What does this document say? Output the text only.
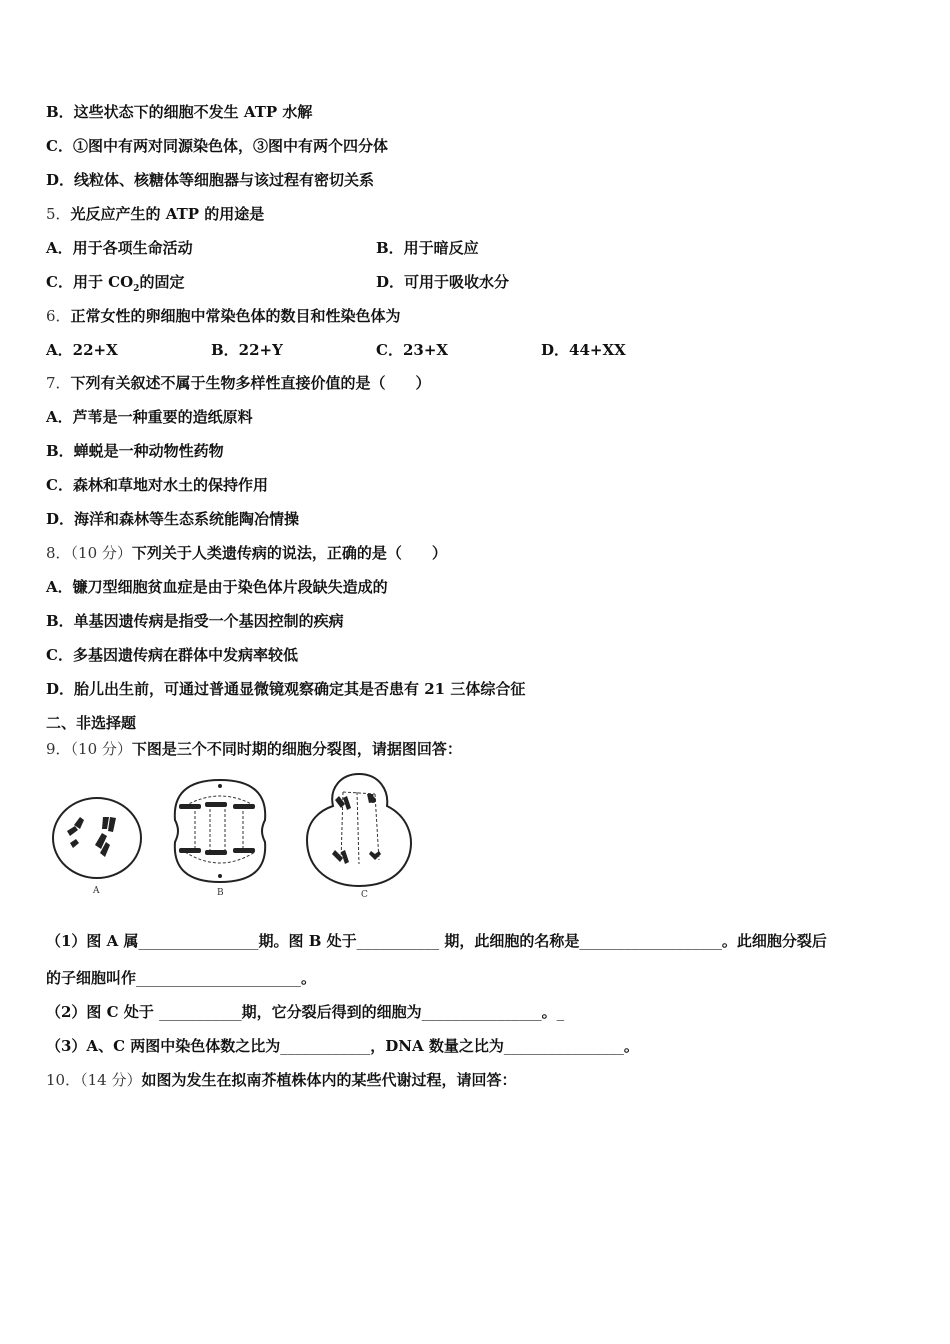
B．这些状态下的细胞不发生 ATP 水解
C．①图中有两对同源染色体，③图中有两个四分体
D．线粒体、核糖体等细胞器与该过程有密切关系
5．光反应产生的 ATP 的用途是
A．用于各项生命活动	B．用于暗反应
C．用于 $CO_2$的固定	D．可用于吸收水分
6．正常女性的卵细胞中常染色体的数目和性染色体为
A．22+X	B．22+Y	C．23+X	D．44+XX
7．下列有关叙述不属于生物多样性直接价值的是（　　）
A．芦苇是一种重要的造纸原料
B．蝉蜕是一种动物性药物
C．森林和草地对水土的保持作用
D．海洋和森林等生态系统能陶冶情操
8．（10 分）下列关于人类遗传病的说法，正确的是（　　）
A．镰刀型细胞贫血症是由于染色体片段缺失造成的
B．单基因遗传病是指受一个基因控制的疾病
C．多基因遗传病在群体中发病率较低
D．胎儿出生前，可通过普通显微镜观察确定其是否患有 21 三体综合征
二、非选择题
9．（10 分）下图是三个不同时期的细胞分裂图，请据图回答：
A	B	C
（1）图 A 属________________期。图 B 处于___________ 期，此细胞的名称是___________________。此细胞分裂后
的子细胞叫作______________________。
（2）图 C 处于 ___________期，它分裂后得到的细胞为________________。_
（3）A、C 两图中染色体数之比为____________，DNA 数量之比为________________。
10．（14 分）如图为发生在拟南芥植株体内的某些代谢过程，请回答：
